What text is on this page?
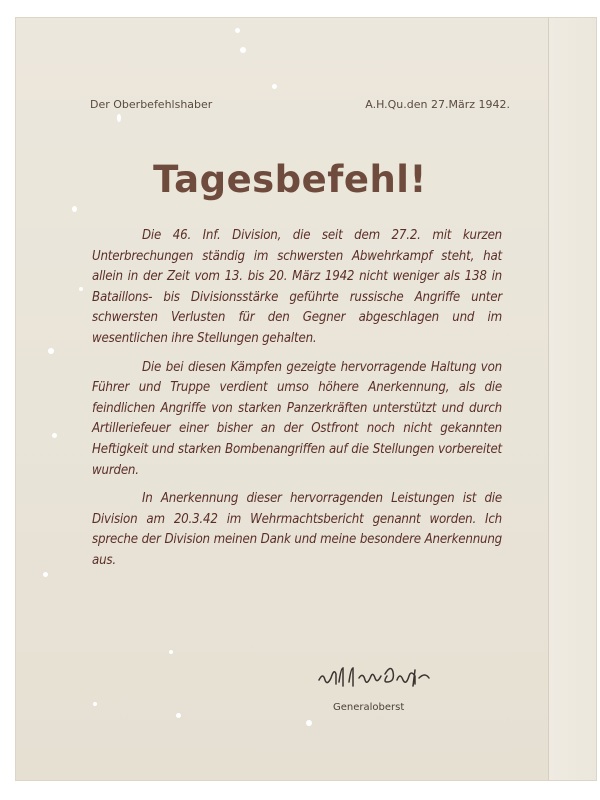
Der Oberbefehlshaber	A.H.Qu.den 27.März 1942.
Tagesbefehl!

Die 46. Inf. Division, die seit dem 27.2. mit kurzen Unterbrechungen ständig im schwersten Abwehrkampf steht, hat allein in der Zeit vom 13. bis 20. März 1942 nicht weniger als 138 in Bataillons- bis Divisionsstärke geführte russische Angriffe unter schwersten Verlusten für den Gegner abgeschlagen und im wesentlichen ihre Stellungen gehalten.

Die bei diesen Kämpfen gezeigte hervorragende Haltung von Führer und Truppe verdient umso höhere Anerkennung, als die feindlichen Angriffe von starken Panzerkräften unterstützt und durch Artilleriefeuer einer bisher an der Ostfront noch nicht gekannten Heftigkeit und starken Bombenangriffen auf die Stellungen vorbereitet wurden.

In Anerkennung dieser hervorragenden Leistungen ist die Division am 20.3.42 im Wehrmachtsbericht genannt worden. Ich spreche der Division meinen Dank und meine besondere Anerkennung aus.

Generaloberst
